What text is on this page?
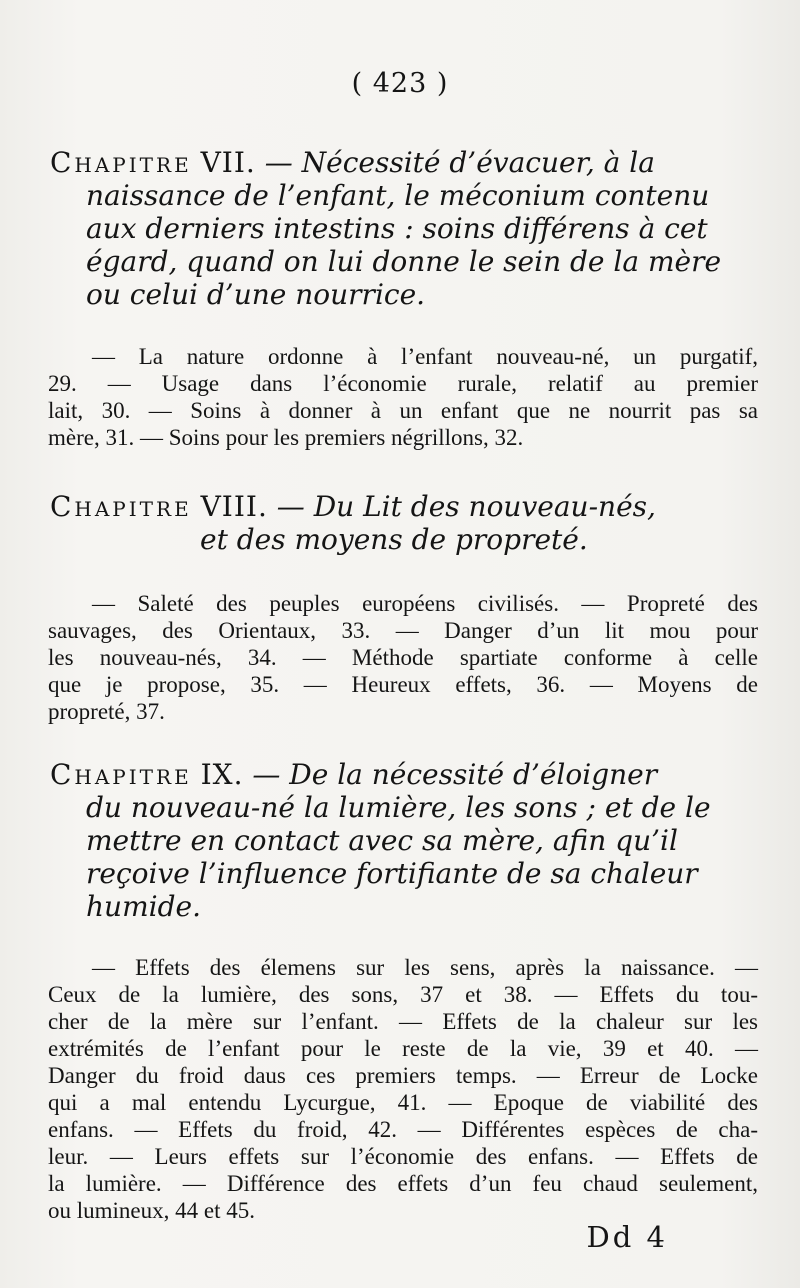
( 423 )
Chapitre VII. — Nécessité d’évacuer, à la
naissance de l’enfant, le méconium contenu
aux derniers intestins : soins différens à cet
égard, quand on lui donne le sein de la mère
ou celui d’une nourrice.
— La nature ordonne à l’enfant nouveau-né, un purgatif,
29. — Usage dans l’économie rurale, relatif au premier
lait, 30. — Soins à donner à un enfant que ne nourrit pas sa
mère, 31. — Soins pour les premiers négrillons, 32.
Chapitre VIII. — Du Lit des nouveau-nés,
et des moyens de propreté.
— Saleté des peuples européens civilisés. — Propreté des
sauvages, des Orientaux, 33. — Danger d’un lit mou pour
les nouveau-nés, 34. — Méthode spartiate conforme à celle
que je propose, 35. — Heureux effets, 36. — Moyens de
propreté, 37.
Chapitre IX. — De la nécessité d’éloigner
du nouveau-né la lumière, les sons ; et de le
mettre en contact avec sa mère, afin qu’il
reçoive l’influence fortifiante de sa chaleur
humide.
— Effets des élemens sur les sens, après la naissance. —
Ceux de la lumière, des sons, 37 et 38. — Effets du tou-
cher de la mère sur l’enfant. — Effets de la chaleur sur les
extrémités de l’enfant pour le reste de la vie, 39 et 40. —
Danger du froid daus ces premiers temps. — Erreur de Locke
qui a mal entendu Lycurgue, 41. — Epoque de viabilité des
enfans. — Effets du froid, 42. — Différentes espèces de cha-
leur. — Leurs effets sur l’économie des enfans. — Effets de
la lumière. — Différence des effets d’un feu chaud seulement,
ou lumineux, 44 et 45.
Dd 4
